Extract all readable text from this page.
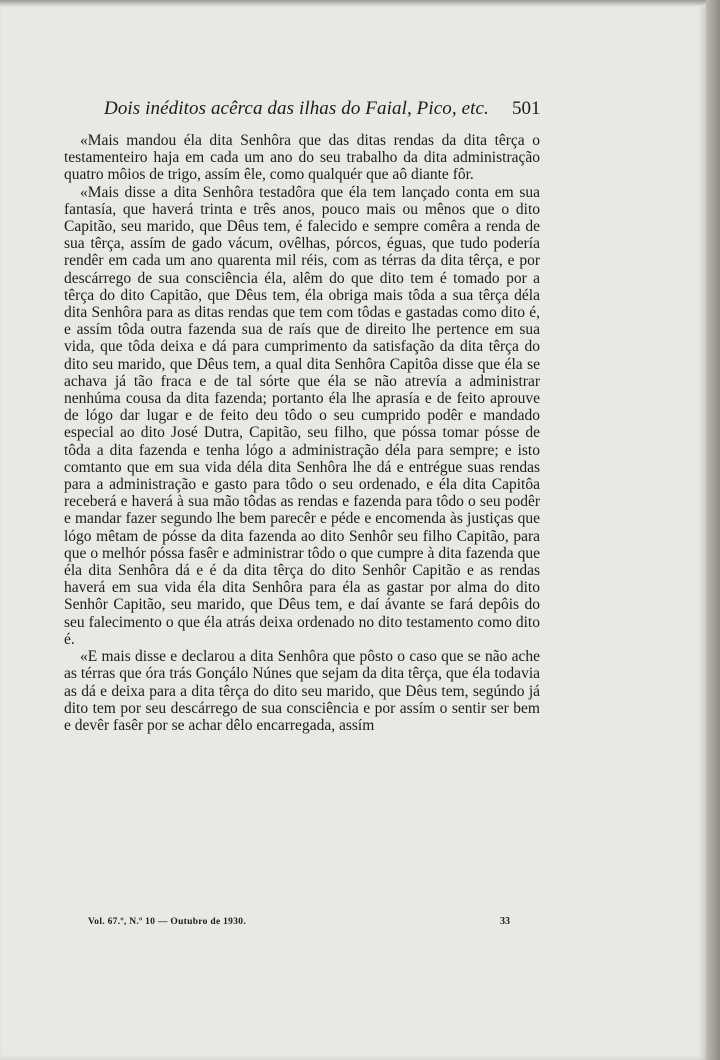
Dois inéditos acêrca das ilhas do Faial, Pico, etc.	501

«Mais mandou éla dita Senhôra que das ditas rendas da dita têrça o testamenteiro haja em cada um ano do seu trabalho da dita administração quatro môios de trigo, assím êle, como qualquér que aô diante fôr.

«Mais disse a dita Senhôra testadôra que éla tem lançado conta em sua fantasía, que haverá trinta e três anos, pouco mais ou mênos que o dito Capitão, seu marido, que Dêus tem, é falecido e sempre comêra a renda de sua têrça, assím de gado vácum, ovêlhas, pórcos, éguas, que tudo podería rendêr em cada um ano quarenta mil réis, com as térras da dita têrça, e por descárrego de sua consciência éla, alêm do que dito tem é tomado por a têrça do dito Capitão, que Dêus tem, éla obriga mais tôda a sua têrça déla dita Senhôra para as ditas rendas que tem com tôdas e gastadas como dito é, e assím tôda outra fazenda sua de raís que de direito lhe pertence em sua vida, que tôda deixa e dá para cumprimento da satisfação da dita têrça do dito seu marido, que Dêus tem, a qual dita Senhôra Capitôa disse que éla se achava já tão fraca e de tal sórte que éla se não atrevía a administrar nenhúma cousa da dita fazenda; portanto éla lhe aprasía e de feito aprouve de lógo dar lugar e de feito deu tôdo o seu cumprido podêr e mandado especial ao dito José Dutra, Capitão, seu filho, que póssa tomar pósse de tôda a dita fazenda e tenha lógo a administração déla para sempre; e isto comtanto que em sua vida déla dita Senhôra lhe dá e entrégue suas rendas para a administração e gasto para tôdo o seu ordenado, e éla dita Capitôa receberá e haverá à sua mão tôdas as rendas e fazenda para tôdo o seu podêr e mandar fazer segundo lhe bem parecêr e péde e encomenda às justiças que lógo mêtam de pósse da dita fazenda ao dito Senhôr seu filho Capitão, para que o melhór póssa fasêr e administrar tôdo o que cumpre à dita fazenda que éla dita Senhôra dá e é da dita têrça do dito Senhôr Capitão e as rendas haverá em sua vida éla dita Senhôra para éla as gastar por alma do dito Senhôr Capitão, seu marido, que Dêus tem, e daí ávante se fará depôis do seu falecimento o que éla atrás deixa ordenado no dito testamento como dito é.

«E mais disse e declarou a dita Senhôra que pôsto o caso que se não ache as térras que óra trás Gonçálo Núnes que sejam da dita têrça, que éla todavia as dá e deixa para a dita têrça do dito seu marido, que Dêus tem, segúndo já dito tem por seu descárrego de sua consciência e por assím o sentir ser bem e devêr fasêr por se achar dêlo encarregada, assím

Vol. 67.º, N.º 10 — Outubro de 1930.	33
